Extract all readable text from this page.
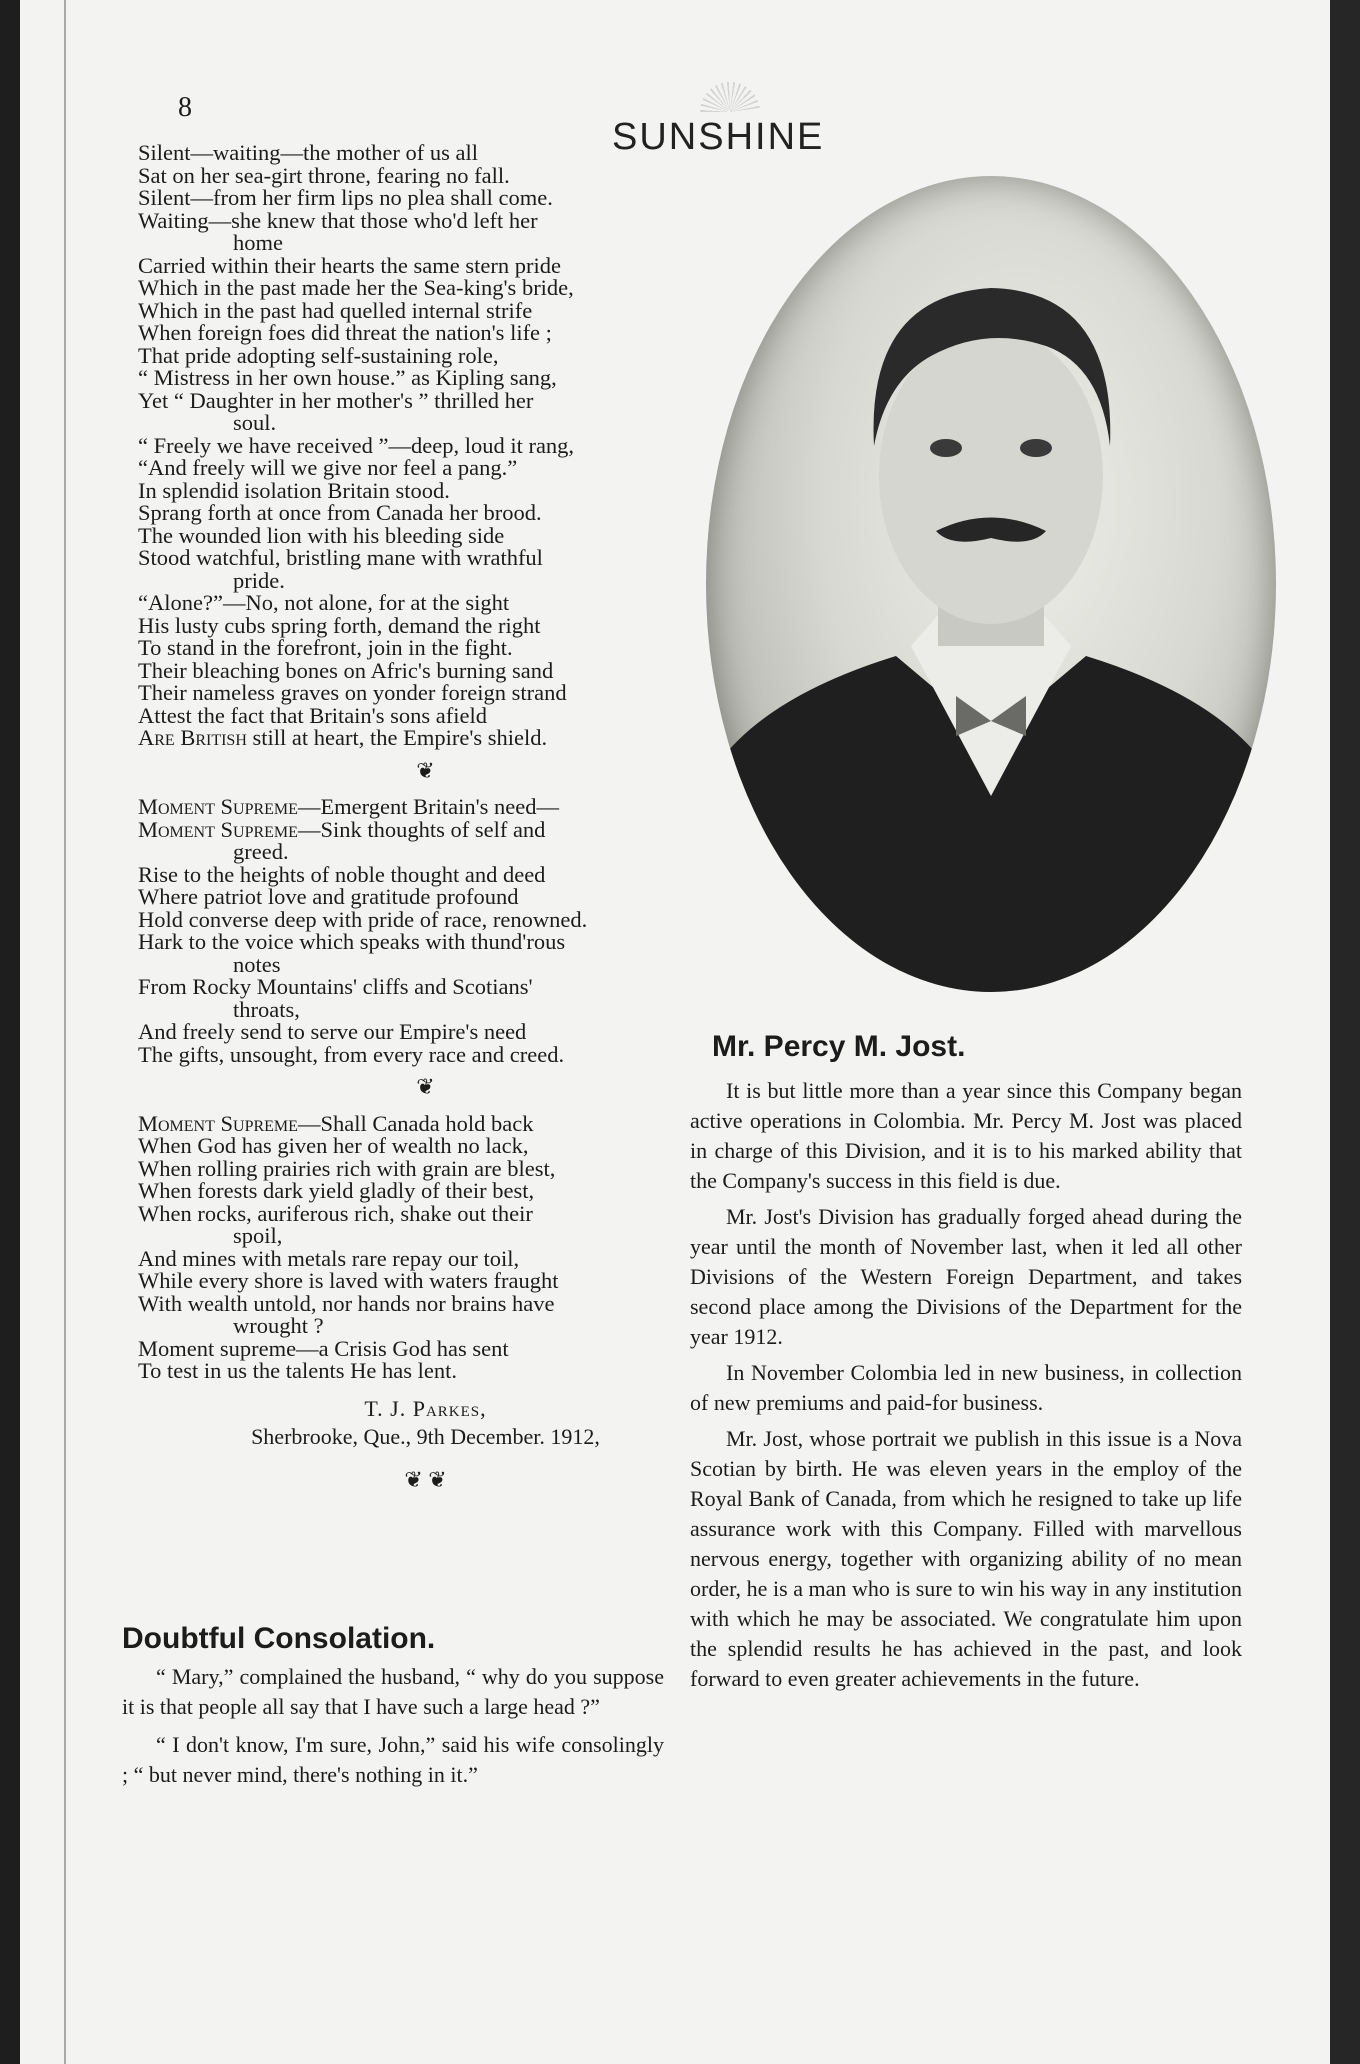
8
SUNSHINE
Silent—waiting—the mother of us all
Sat on her sea-girt throne, fearing no fall.
Silent—from her firm lips no plea shall come.
Waiting—she knew that those who'd left her
home
Carried within their hearts the same stern pride
Which in the past made her the Sea-king's bride,
Which in the past had quelled internal strife
When foreign foes did threat the nation's life ;
That pride adopting self-sustaining role,
“ Mistress in her own house.” as Kipling sang,
Yet “ Daughter in her mother's ” thrilled her
soul.
“ Freely we have received ”—deep, loud it rang,
“And freely will we give nor feel a pang.”
In splendid isolation Britain stood.
Sprang forth at once from Canada her brood.
The wounded lion with his bleeding side
Stood watchful, bristling mane with wrathful
pride.
“Alone?”—No, not alone, for at the sight
His lusty cubs spring forth, demand the right
To stand in the forefront, join in the fight.
Their bleaching bones on Afric's burning sand
Their nameless graves on yonder foreign strand
Attest the fact that Britain's sons afield
Are British still at heart, the Empire's shield.
❦
Moment Supreme—Emergent Britain's need—
Moment Supreme—Sink thoughts of self and
greed.
Rise to the heights of noble thought and deed
Where patriot love and gratitude profound
Hold converse deep with pride of race, renowned.
Hark to the voice which speaks with thund'rous
notes
From Rocky Mountains' cliffs and Scotians'
throats,
And freely send to serve our Empire's need
The gifts, unsought, from every race and creed.
❦
Moment Supreme—Shall Canada hold back
When God has given her of wealth no lack,
When rolling prairies rich with grain are blest,
When forests dark yield gladly of their best,
When rocks, auriferous rich, shake out their
spoil,
And mines with metals rare repay our toil,
While every shore is laved with waters fraught
With wealth untold, nor hands nor brains have
wrought ?
Moment supreme—a Crisis God has sent
To test in us the talents He has lent.
T. J. Parkes,
Sherbrooke, Que., 9th December. 1912,
❦ ❦
Mr. Percy M. Jost.

It is but little more than a year since this Company began active operations in Colombia. Mr. Percy M. Jost was placed in charge of this Division, and it is to his marked ability that the Company's success in this field is due.

Mr. Jost's Division has gradually forged ahead during the year until the month of November last, when it led all other Divisions of the Western Foreign Department, and takes second place among the Divisions of the Department for the year 1912.

In November Colombia led in new business, in collection of new premiums and paid-for business.

Mr. Jost, whose portrait we publish in this issue is a Nova Scotian by birth. He was eleven years in the employ of the Royal Bank of Canada, from which he resigned to take up life assurance work with this Company. Filled with marvellous nervous energy, together with organizing ability of no mean order, he is a man who is sure to win his way in any institution with which he may be associated. We congratulate him upon the splendid results he has achieved in the past, and look forward to even greater achievements in the future.

Doubtful Consolation.

“ Mary,” complained the husband, “ why do you suppose it is that people all say that I have such a large head ?”

“ I don't know, I'm sure, John,” said his wife consolingly ; “ but never mind, there's nothing in it.”
